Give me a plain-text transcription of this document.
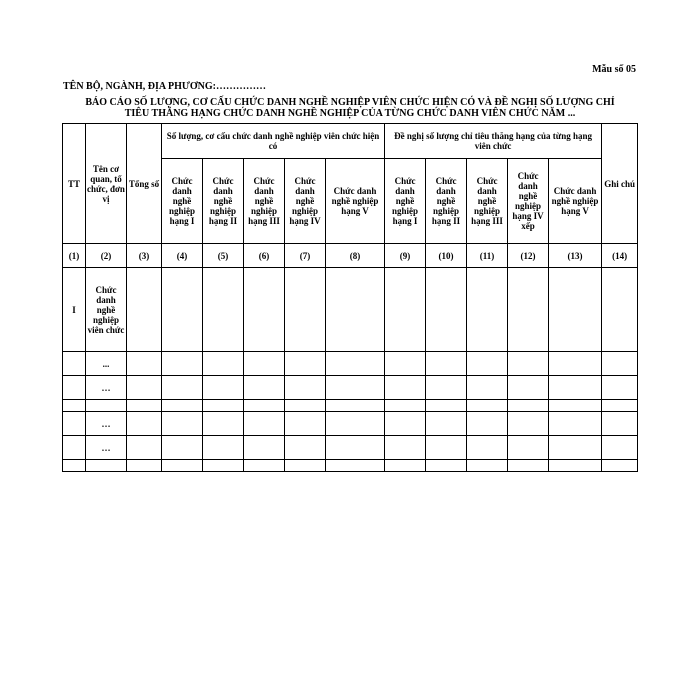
Mẫu số 05
TÊN BỘ, NGÀNH, ĐỊA PHƯƠNG:……………
BÁO CÁO SỐ LƯỢNG, CƠ CẤU CHỨC DANH NGHỀ NGHIỆP VIÊN CHỨC HIỆN CÓ VÀ ĐỀ NGHỊ SỐ LƯỢNG CHỈ
TIÊU THĂNG HẠNG CHỨC DANH NGHỀ NGHIỆP CỦA TỪNG CHỨC DANH VIÊN CHỨC NĂM ...
TT	Tên cơ quan, tổ chức, đơn vị	Tổng số	Số lượng, cơ cấu chức danh nghề nghiệp viên chức hiện có					Đề nghị số lượng chỉ tiêu thăng hạng của từng hạng viên chức					Ghi chú
			Chức danh nghề nghiệp hạng I	Chức danh nghề nghiệp hạng II	Chức danh nghề nghiệp hạng III	Chức danh nghề nghiệp hạng IV	Chức danh nghề nghiệp hạng V	Chức danh nghề nghiệp hạng I	Chức danh nghề nghiệp hạng II	Chức danh nghề nghiệp hạng III	Chức danh nghề nghiệp hạng IV xếp	Chức danh nghề nghiệp hạng V	
(1)	(2)	(3)	(4)	(5)	(6)	(7)	(8)	(9)	(10)	(11)	(12)	(13)	(14)
I	Chức danh nghề nghiệp viên chức												
	...												
	…												

	…												
	…												
